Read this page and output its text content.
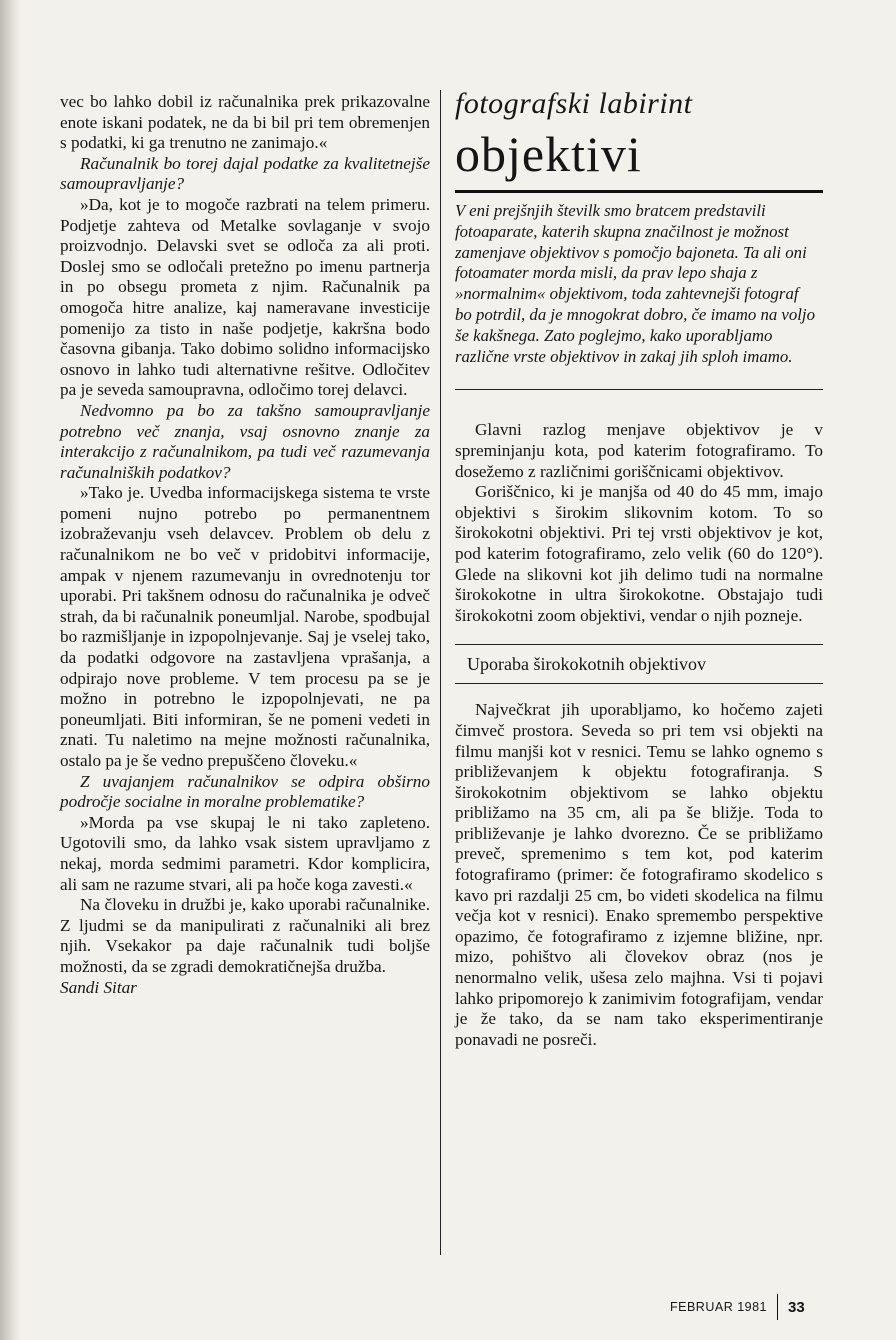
vec bo lahko dobil iz računalnika prek prikazovalne enote iskani podatek, ne da bi bil pri tem obremenjen s podatki, ki ga trenutno ne zanimajo.«

Računalnik bo torej dajal podatke za kvalitetnejše samoupravljanje?

»Da, kot je to mogoče razbrati na telem primeru. Podjetje zahteva od Metalke sovlaganje v svojo proizvodnjo. Delavski svet se odloča za ali proti. Doslej smo se odločali pretežno po imenu partnerja in po obsegu prometa z njim. Računalnik pa omogoča hitre analize, kaj nameravane investicije pomenijo za tisto in naše podjetje, kakršna bodo časovna gibanja. Tako dobimo solidno informacijsko osnovo in lahko tudi alternativne rešitve. Odločitev pa je seveda samoupravna, odločimo torej delavci.

Nedvomno pa bo za takšno samoupravljanje potrebno več znanja, vsaj osnovno znanje za interakcijo z računalnikom, pa tudi več razumevanja računalniških podatkov?

»Tako je. Uvedba informacijskega sistema te vrste pomeni nujno potrebo po permanentnem izobraževanju vseh delavcev. Problem ob delu z računalnikom ne bo več v pridobitvi informacije, ampak v njenem razumevanju in ovrednotenju tor uporabi. Pri takšnem odnosu do računalnika je odveč strah, da bi računalnik poneumljal. Narobe, spodbujal bo razmišljanje in izpopolnjevanje. Saj je vselej tako, da podatki odgovore na zastavljena vprašanja, a odpirajo nove probleme. V tem procesu pa se je možno in potrebno le izpopolnjevati, ne pa poneumljati. Biti informiran, še ne pomeni vedeti in znati. Tu naletimo na mejne možnosti računalnika, ostalo pa je še vedno prepuščeno človeku.«

Z uvajanjem računalnikov se odpira obširno področje socialne in moralne problematike?

»Morda pa vse skupaj le ni tako zapleteno. Ugotovili smo, da lahko vsak sistem upravljamo z nekaj, morda sedmimi parametri. Kdor komplicira, ali sam ne razume stvari, ali pa hoče koga zavesti.«

Na človeku in družbi je, kako uporabi računalnike. Z ljudmi se da manipulirati z računalniki ali brez njih. Vsekakor pa daje računalnik tudi boljše možnosti, da se zgradi demokratičnejša družba.

Sandi Sitar

fotografski labirint
objektivi

V eni prejšnjih številk smo bratcem predstavili fotoaparate, katerih skupna značilnost je možnost zamenjave objektivov s pomočjo bajoneta. Ta ali oni fotoamater morda misli, da prav lepo shaja z »normalnim« objektivom, toda zahtevnejši fotograf bo potrdil, da je mnogokrat dobro, če imamo na voljo še kakšnega. Zato poglejmo, kako uporabljamo različne vrste objektivov in zakaj jih sploh imamo.

Glavni razlog menjave objektivov je v spreminjanju kota, pod katerim fotografiramo. To dosežemo z različnimi goriščnicami objektivov.

Goriščnico, ki je manjša od 40 do 45 mm, imajo objektivi s širokim slikovnim kotom. To so širokokotni objektivi. Pri tej vrsti objektivov je kot, pod katerim fotografiramo, zelo velik (60 do 120°). Glede na slikovni kot jih delimo tudi na normalne širokokotne in ultra širokokotne. Obstajajo tudi širokokotni zoom objektivi, vendar o njih pozneje.

Uporaba širokokotnih objektivov

Največkrat jih uporabljamo, ko hočemo zajeti čimveč prostora. Seveda so pri tem vsi objekti na filmu manjši kot v resnici. Temu se lahko ognemo s približevanjem k objektu fotografiranja. S širokokotnim objektivom se lahko objektu približamo na 35 cm, ali pa še bližje. Toda to približevanje je lahko dvorezno. Če se približamo preveč, spremenimo s tem kot, pod katerim fotografiramo (primer: če fotografiramo skodelico s kavo pri razdalji 25 cm, bo videti skodelica na filmu večja kot v resnici). Enako spremembo perspektive opazimo, če fotografiramo z izjemne bližine, npr. mizo, pohištvo ali človekov obraz (nos je nenormalno velik, ušesa zelo majhna. Vsi ti pojavi lahko pripomorejo k zanimivim fotografijam, vendar je že tako, da se nam tako eksperimentiranje ponavadi ne posreči.

FEBRUAR 1981 33
